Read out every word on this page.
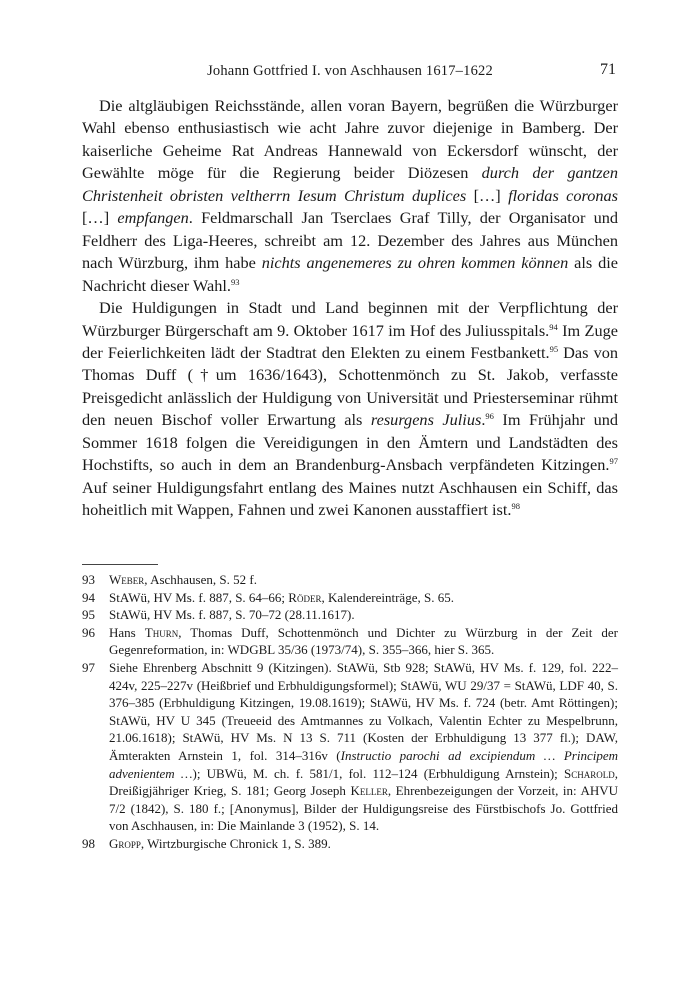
Johann Gottfried I. von Aschhausen 1617–1622	71

Die altgläubigen Reichsstände, allen voran Bayern, begrüßen die Würzburger Wahl ebenso enthusiastisch wie acht Jahre zuvor diejenige in Bamberg. Der kaiserliche Geheime Rat Andreas Hannewald von Eckersdorf wünscht, der Gewählte möge für die Regierung beider Diözesen durch der gantzen Christenheit obristen veltherrn Iesum Christum duplices […] floridas coronas […] empfangen. Feldmarschall Jan Tserclaes Graf Tilly, der Organisator und Feldherr des Liga-Heeres, schreibt am 12. Dezember des Jahres aus München nach Würzburg, ihm habe nichts angenemeres zu ohren kommen können als die Nachricht dieser Wahl.$^{93}$

Die Huldigungen in Stadt und Land beginnen mit der Verpflichtung der Würzburger Bürgerschaft am 9. Oktober 1617 im Hof des Juliusspitals.$^{94}$ Im Zuge der Feierlichkeiten lädt der Stadtrat den Elekten zu einem Festbankett.$^{95}$ Das von Thomas Duff (†um 1636/1643), Schottenmönch zu St. Jakob, verfasste Preisgedicht anlässlich der Huldigung von Universität und Priesterseminar rühmt den neuen Bischof voller Erwartung als resurgens Julius.$^{96}$ Im Frühjahr und Sommer 1618 folgen die Vereidigungen in den Ämtern und Landstädten des Hochstifts, so auch in dem an Brandenburg-Ansbach verpfändeten Kitzingen.$^{97}$ Auf seiner Huldigungsfahrt entlang des Maines nutzt Aschhausen ein Schiff, das hoheitlich mit Wappen, Fahnen und zwei Kanonen ausstaffiert ist.$^{98}$

93	Weber, Aschhausen, S. 52 f.
94	StAWü, HV Ms. f. 887, S. 64–66; Röder, Kalendereinträge, S. 65.
95	StAWü, HV Ms. f. 887, S. 70–72 (28.11.1617).
96	Hans Thurn, Thomas Duff, Schottenmönch und Dichter zu Würzburg in der Zeit der Gegenreformation, in: WDGBL 35/36 (1973/74), S. 355–366, hier S. 365.
97	Siehe Ehrenberg Abschnitt 9 (Kitzingen). StAWü, Stb 928; StAWü, HV Ms. f. 129, fol. 222–424v, 225–227v (Heißbrief und Erbhuldigungsformel); StAWü, WU 29/37 = StAWü, LDF 40, S. 376–385 (Erbhuldigung Kitzingen, 19.08.1619); StAWü, HV Ms. f. 724 (betr. Amt Röttingen); StAWü, HV U 345 (Treueeid des Amtmannes zu Volkach, Valentin Echter zu Mespelbrunn, 21.06.1618); StAWü, HV Ms. N 13 S. 711 (Kosten der Erbhuldigung 13 377 fl.); DAW, Ämterakten Arnstein 1, fol. 314–316v (Instructio parochi ad excipiendum … Principem advenientem …); UBWü, M. ch. f. 581/1, fol. 112–124 (Erbhuldigung Arnstein); Scharold, Dreißigjähriger Krieg, S. 181; Georg Joseph Keller, Ehrenbezeigungen der Vorzeit, in: AHVU 7/2 (1842), S. 180 f.; [Anonymus], Bilder der Huldigungsreise des Fürstbischofs Jo. Gottfried von Aschhausen, in: Die Mainlande 3 (1952), S. 14.
98	Gropp, Wirtzburgische Chronick 1, S. 389.
